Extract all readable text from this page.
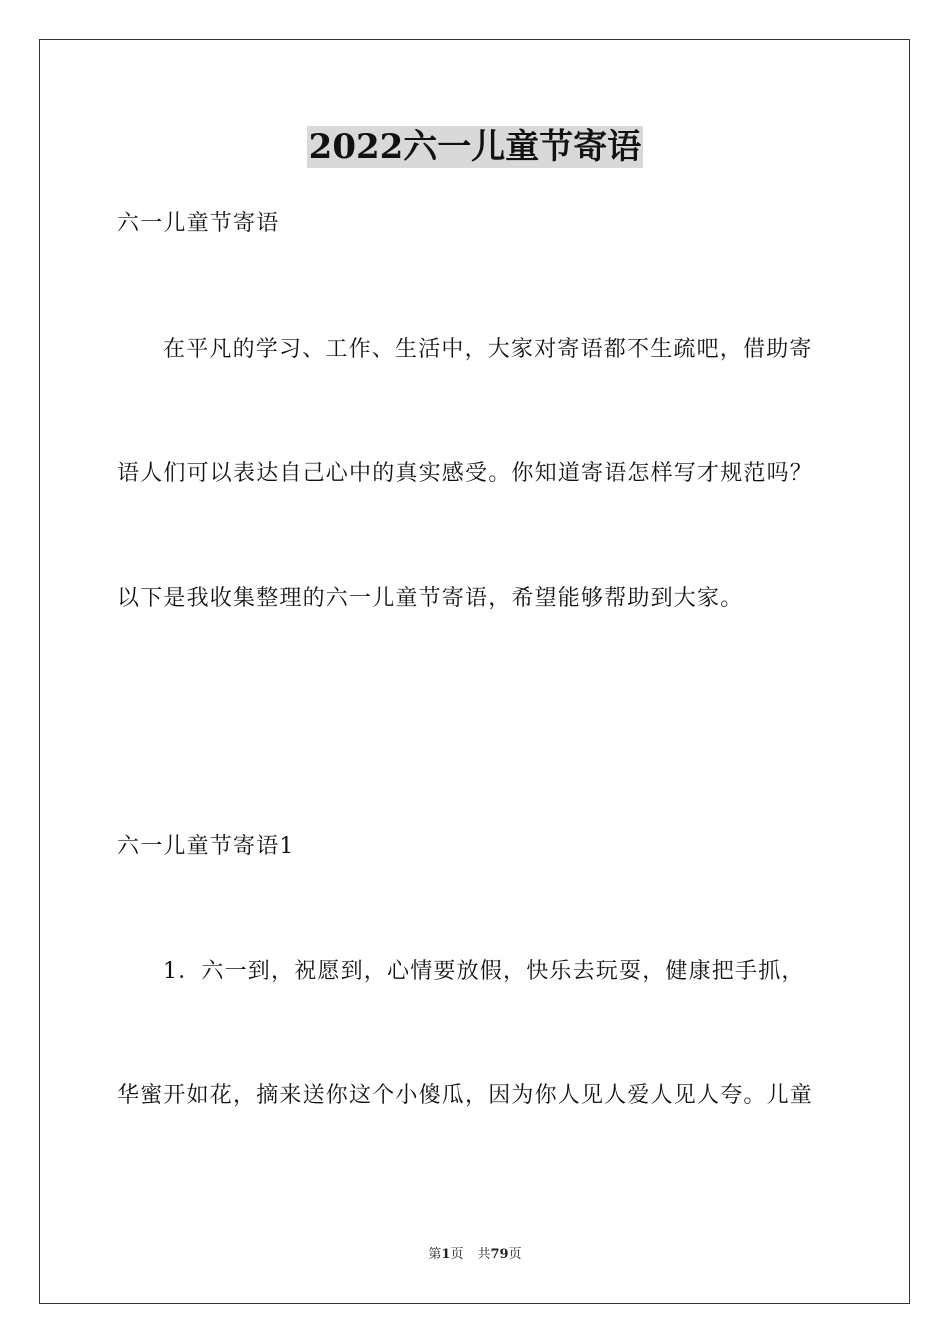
2022六一儿童节寄语
六一儿童节寄语
在平凡的学习、工作、生活中，大家对寄语都不生疏吧，借助寄
语人们可以表达自己心中的真实感受。你知道寄语怎样写才规范吗？
以下是我收集整理的六一儿童节寄语，希望能够帮助到大家。
六一儿童节寄语1
1．六一到，祝愿到，心情要放假，快乐去玩耍，健康把手抓，
华蜜开如花，摘来送你这个小傻瓜，因为你人见人爱人见人夸。儿童
第1页 共79页
